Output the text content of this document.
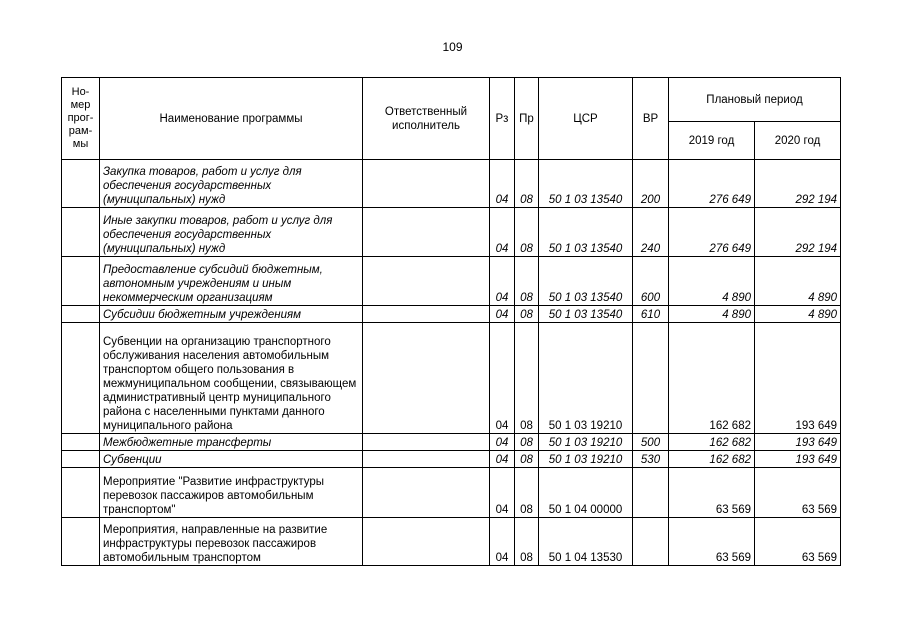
109
Но-мер прог-рам-мы	Наименование программы	Ответственный исполнитель	Рз	Пр	ЦСР	ВР	Плановый период	
							2019 год	2020 год
	Закупка товаров, работ и услуг для обеспечения государственных (муниципальных) нужд		04	08	50 1 03 13540	200	276 649	292 194
	Иные закупки товаров, работ и услуг для обеспечения государственных (муниципальных) нужд		04	08	50 1 03 13540	240	276 649	292 194
	Предоставление субсидий бюджетным, автономным учреждениям и иным некоммерческим организациям		04	08	50 1 03 13540	600	4 890	4 890
	Субсидии бюджетным учреждениям		04	08	50 1 03 13540	610	4 890	4 890
	Субвенции на организацию транспортного обслуживания населения автомобильным транспортом общего пользования в межмуниципальном сообщении, связывающем административный центр муниципального района с населенными пунктами данного муниципального района		04	08	50 1 03 19210		162 682	193 649
	Межбюджетные трансферты		04	08	50 1 03 19210	500	162 682	193 649
	Субвенции		04	08	50 1 03 19210	530	162 682	193 649
	Мероприятие "Развитие инфраструктуры перевозок пассажиров автомобильным транспортом"		04	08	50 1 04 00000		63 569	63 569
	Мероприятия, направленные на развитие инфраструктуры перевозок пассажиров автомобильным транспортом		04	08	50 1 04 13530		63 569	63 569
